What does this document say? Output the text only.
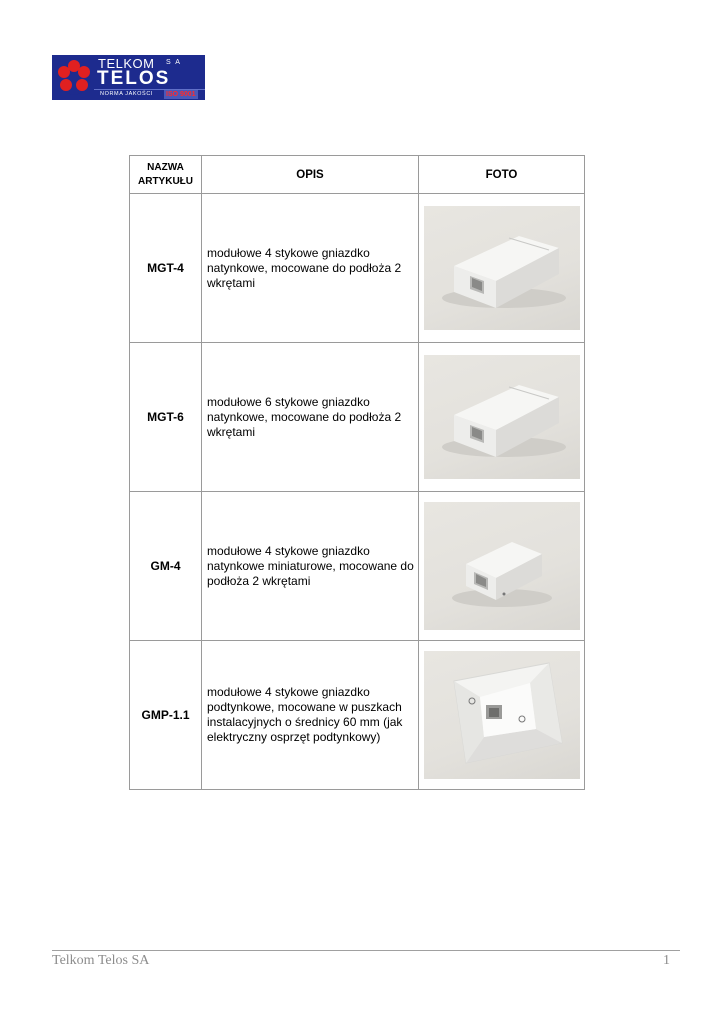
TELKOM S A
TELOS
NORMA JAKOŚCI ISO 9001
NAZWA ARTYKUŁU	OPIS	FOTO
MGT-4	modułowe 4 stykowe gniazdko natynkowe, mocowane do podłoża 2 wkrętami	

MGT-6	modułowe 6 stykowe gniazdko natynkowe, mocowane do podłoża 2 wkrętami	

GM-4	modułowe 4 stykowe gniazdko natynkowe miniaturowe, mocowane do podłoża 2 wkrętami	

GMP-1.1	modułowe 4 stykowe gniazdko podtynkowe, mocowane w puszkach instalacyjnych o średnicy 60 mm (jak elektryczny osprzęt podtynkowy)	
Telkom Telos SA	1
